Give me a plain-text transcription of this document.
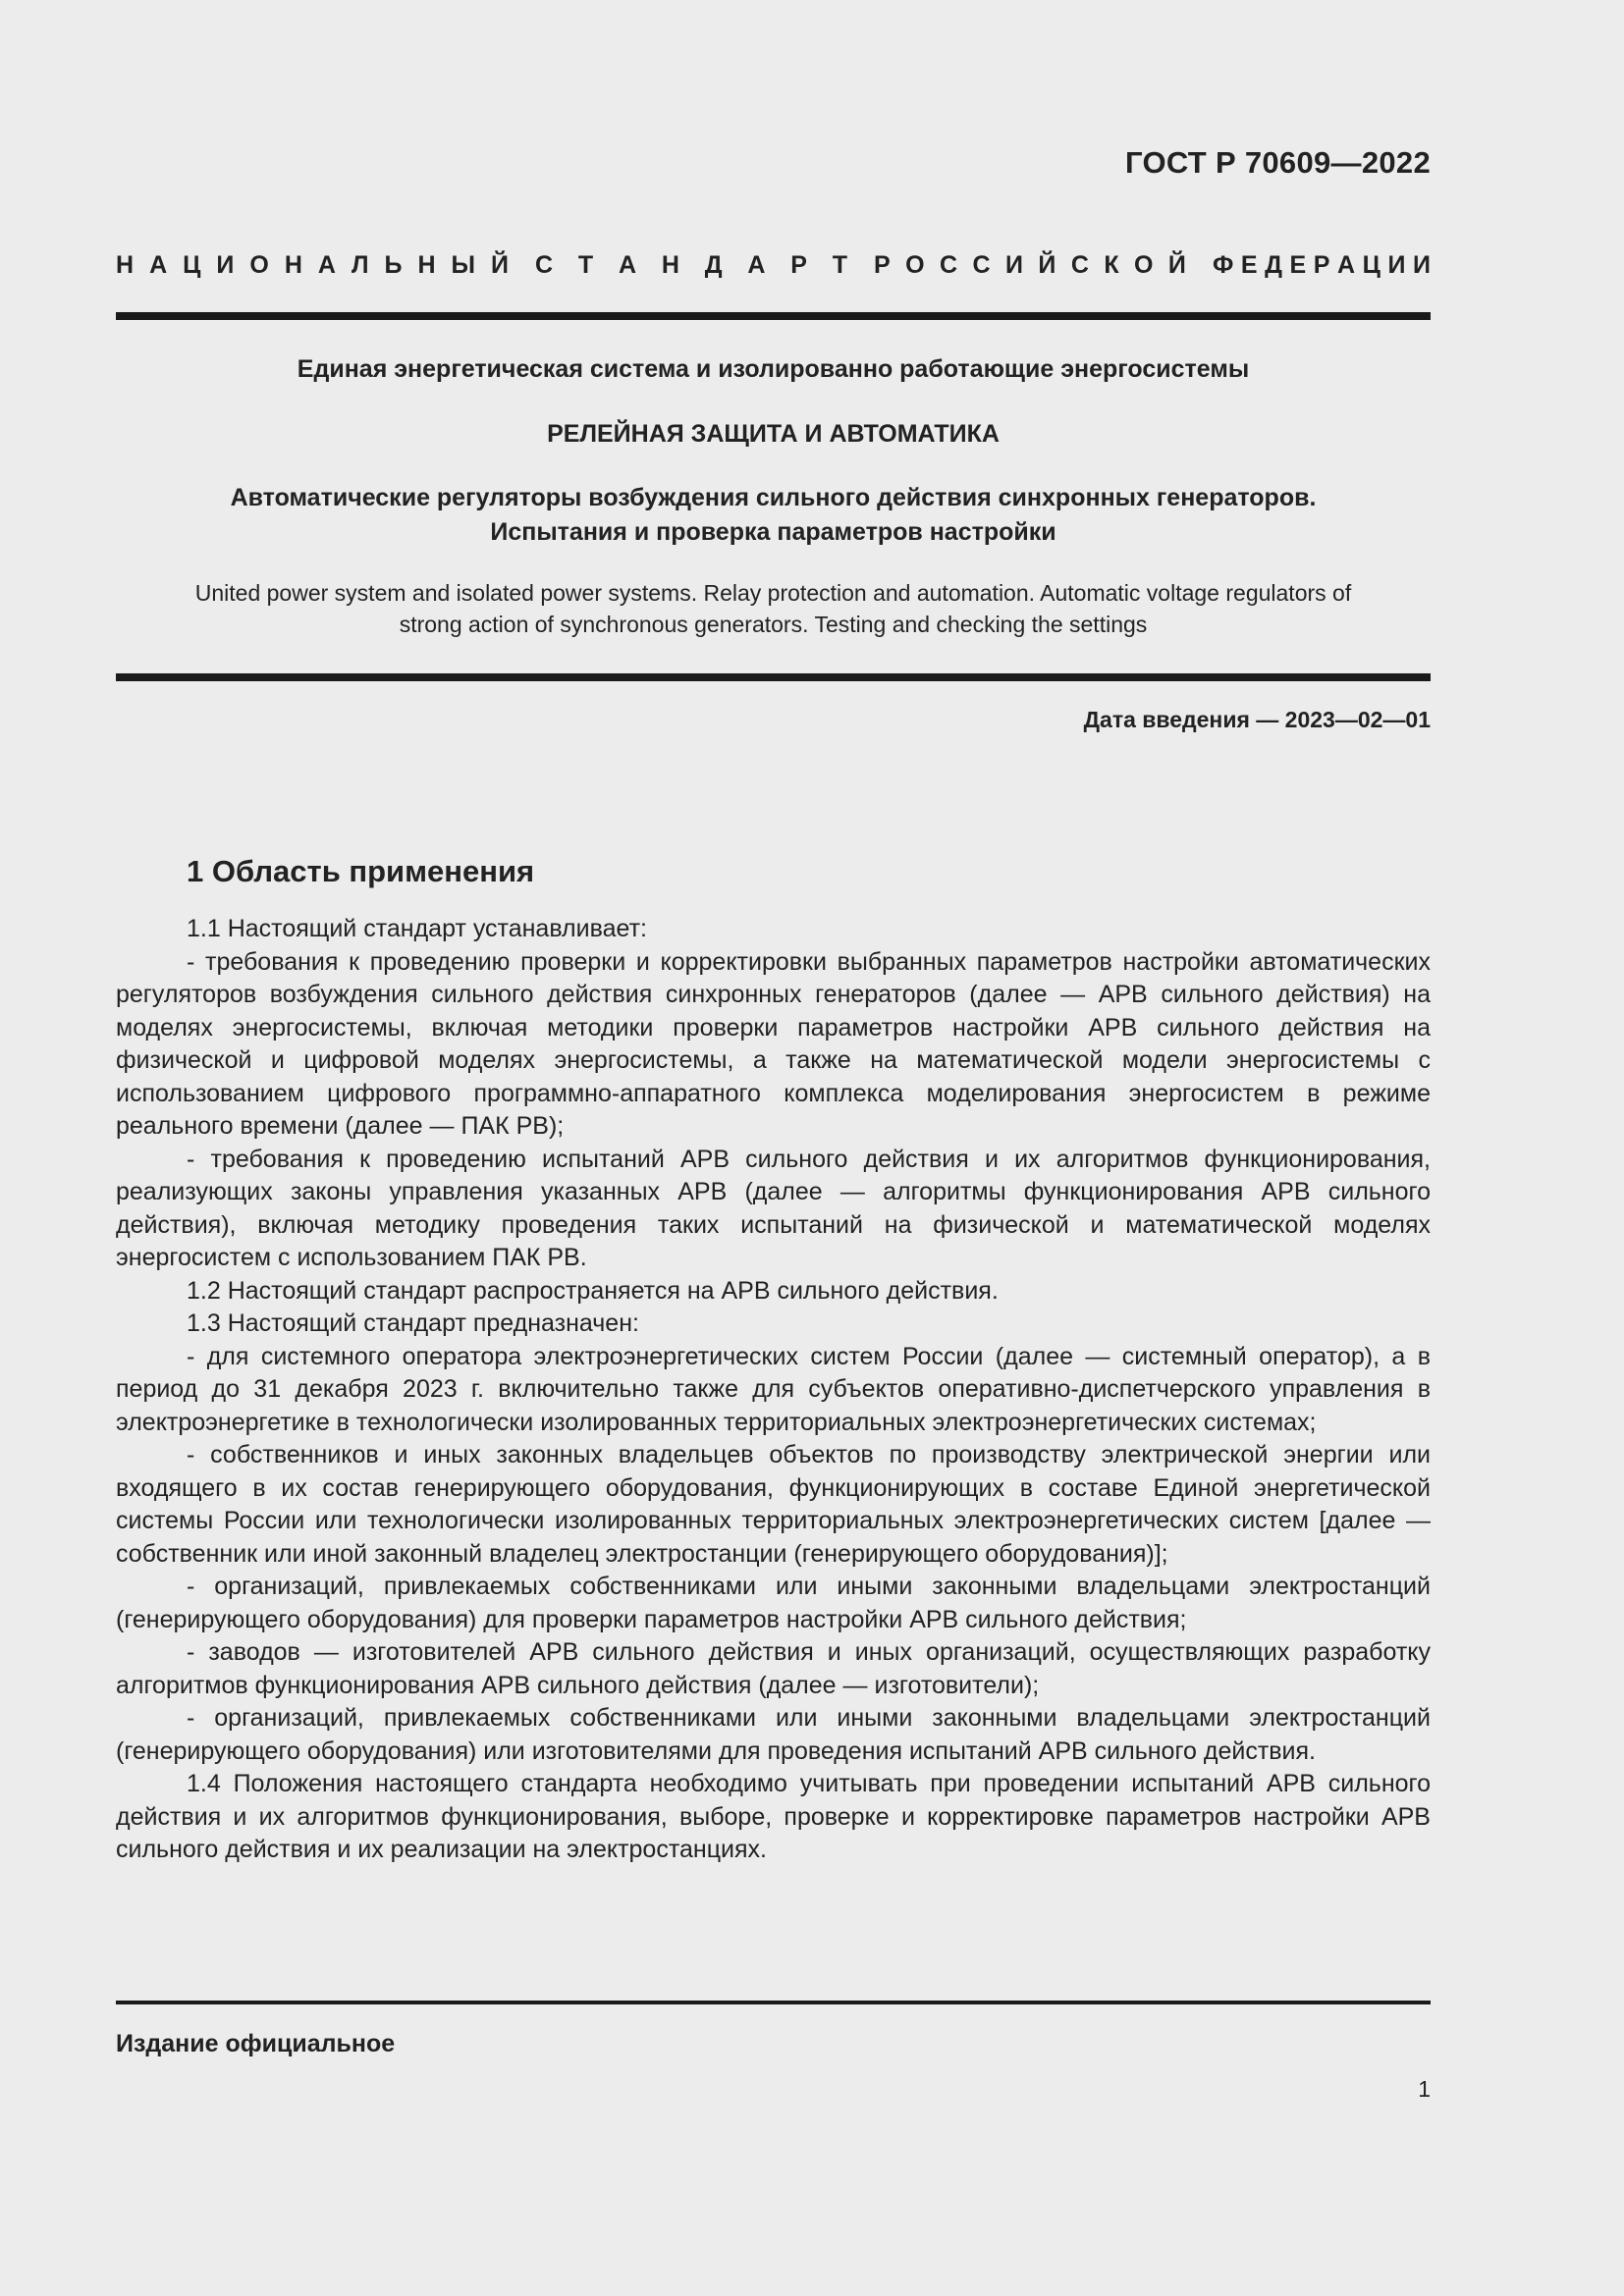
ГОСТ Р 70609—2022
Н А Ц И О Н А Л Ь Н Ы Й С Т А Н Д А Р Т Р О С С И Й С К О Й Ф Е Д Е Р А Ц И И
Единая энергетическая система и изолированно работающие энергосистемы
РЕЛЕЙНАЯ ЗАЩИТА И АВТОМАТИКА
Автоматические регуляторы возбуждения сильного действия синхронных генераторов.
Испытания и проверка параметров настройки
United power system and isolated power systems. Relay protection and automation. Automatic voltage regulators of
strong action of synchronous generators. Testing and checking the settings
Дата введения — 2023—02—01
1 Область применения

1.1 Настоящий стандарт устанавливает:

- требования к проведению проверки и корректировки выбранных параметров настройки автоматических регуляторов возбуждения сильного действия синхронных генераторов (далее — АРВ сильного действия) на моделях энергосистемы, включая методики проверки параметров настройки АРВ сильного действия на физической и цифровой моделях энергосистемы, а также на математической модели энергосистемы с использованием цифрового программно-аппаратного комплекса моделирования энергосистем в режиме реального времени (далее — ПАК РВ);

- требования к проведению испытаний АРВ сильного действия и их алгоритмов функционирования, реализующих законы управления указанных АРВ (далее — алгоритмы функционирования АРВ сильного действия), включая методику проведения таких испытаний на физической и математической моделях энергосистем с использованием ПАК РВ.

1.2 Настоящий стандарт распространяется на АРВ сильного действия.

1.3 Настоящий стандарт предназначен:

- для системного оператора электроэнергетических систем России (далее — системный оператор), а в период до 31 декабря 2023 г. включительно также для субъектов оперативно-диспетчерского управления в электроэнергетике в технологически изолированных территориальных электроэнергетических системах;

- собственников и иных законных владельцев объектов по производству электрической энергии или входящего в их состав генерирующего оборудования, функционирующих в составе Единой энергетической системы России или технологически изолированных территориальных электроэнергетических систем [далее — собственник или иной законный владелец электростанции (генерирующего оборудования)];

- организаций, привлекаемых собственниками или иными законными владельцами электростанций (генерирующего оборудования) для проверки параметров настройки АРВ сильного действия;

- заводов — изготовителей АРВ сильного действия и иных организаций, осуществляющих разработку алгоритмов функционирования АРВ сильного действия (далее — изготовители);

- организаций, привлекаемых собственниками или иными законными владельцами электростанций (генерирующего оборудования) или изготовителями для проведения испытаний АРВ сильного действия.

1.4 Положения настоящего стандарта необходимо учитывать при проведении испытаний АРВ сильного действия и их алгоритмов функционирования, выборе, проверке и корректировке параметров настройки АРВ сильного действия и их реализации на электростанциях.

Издание официальное
1
